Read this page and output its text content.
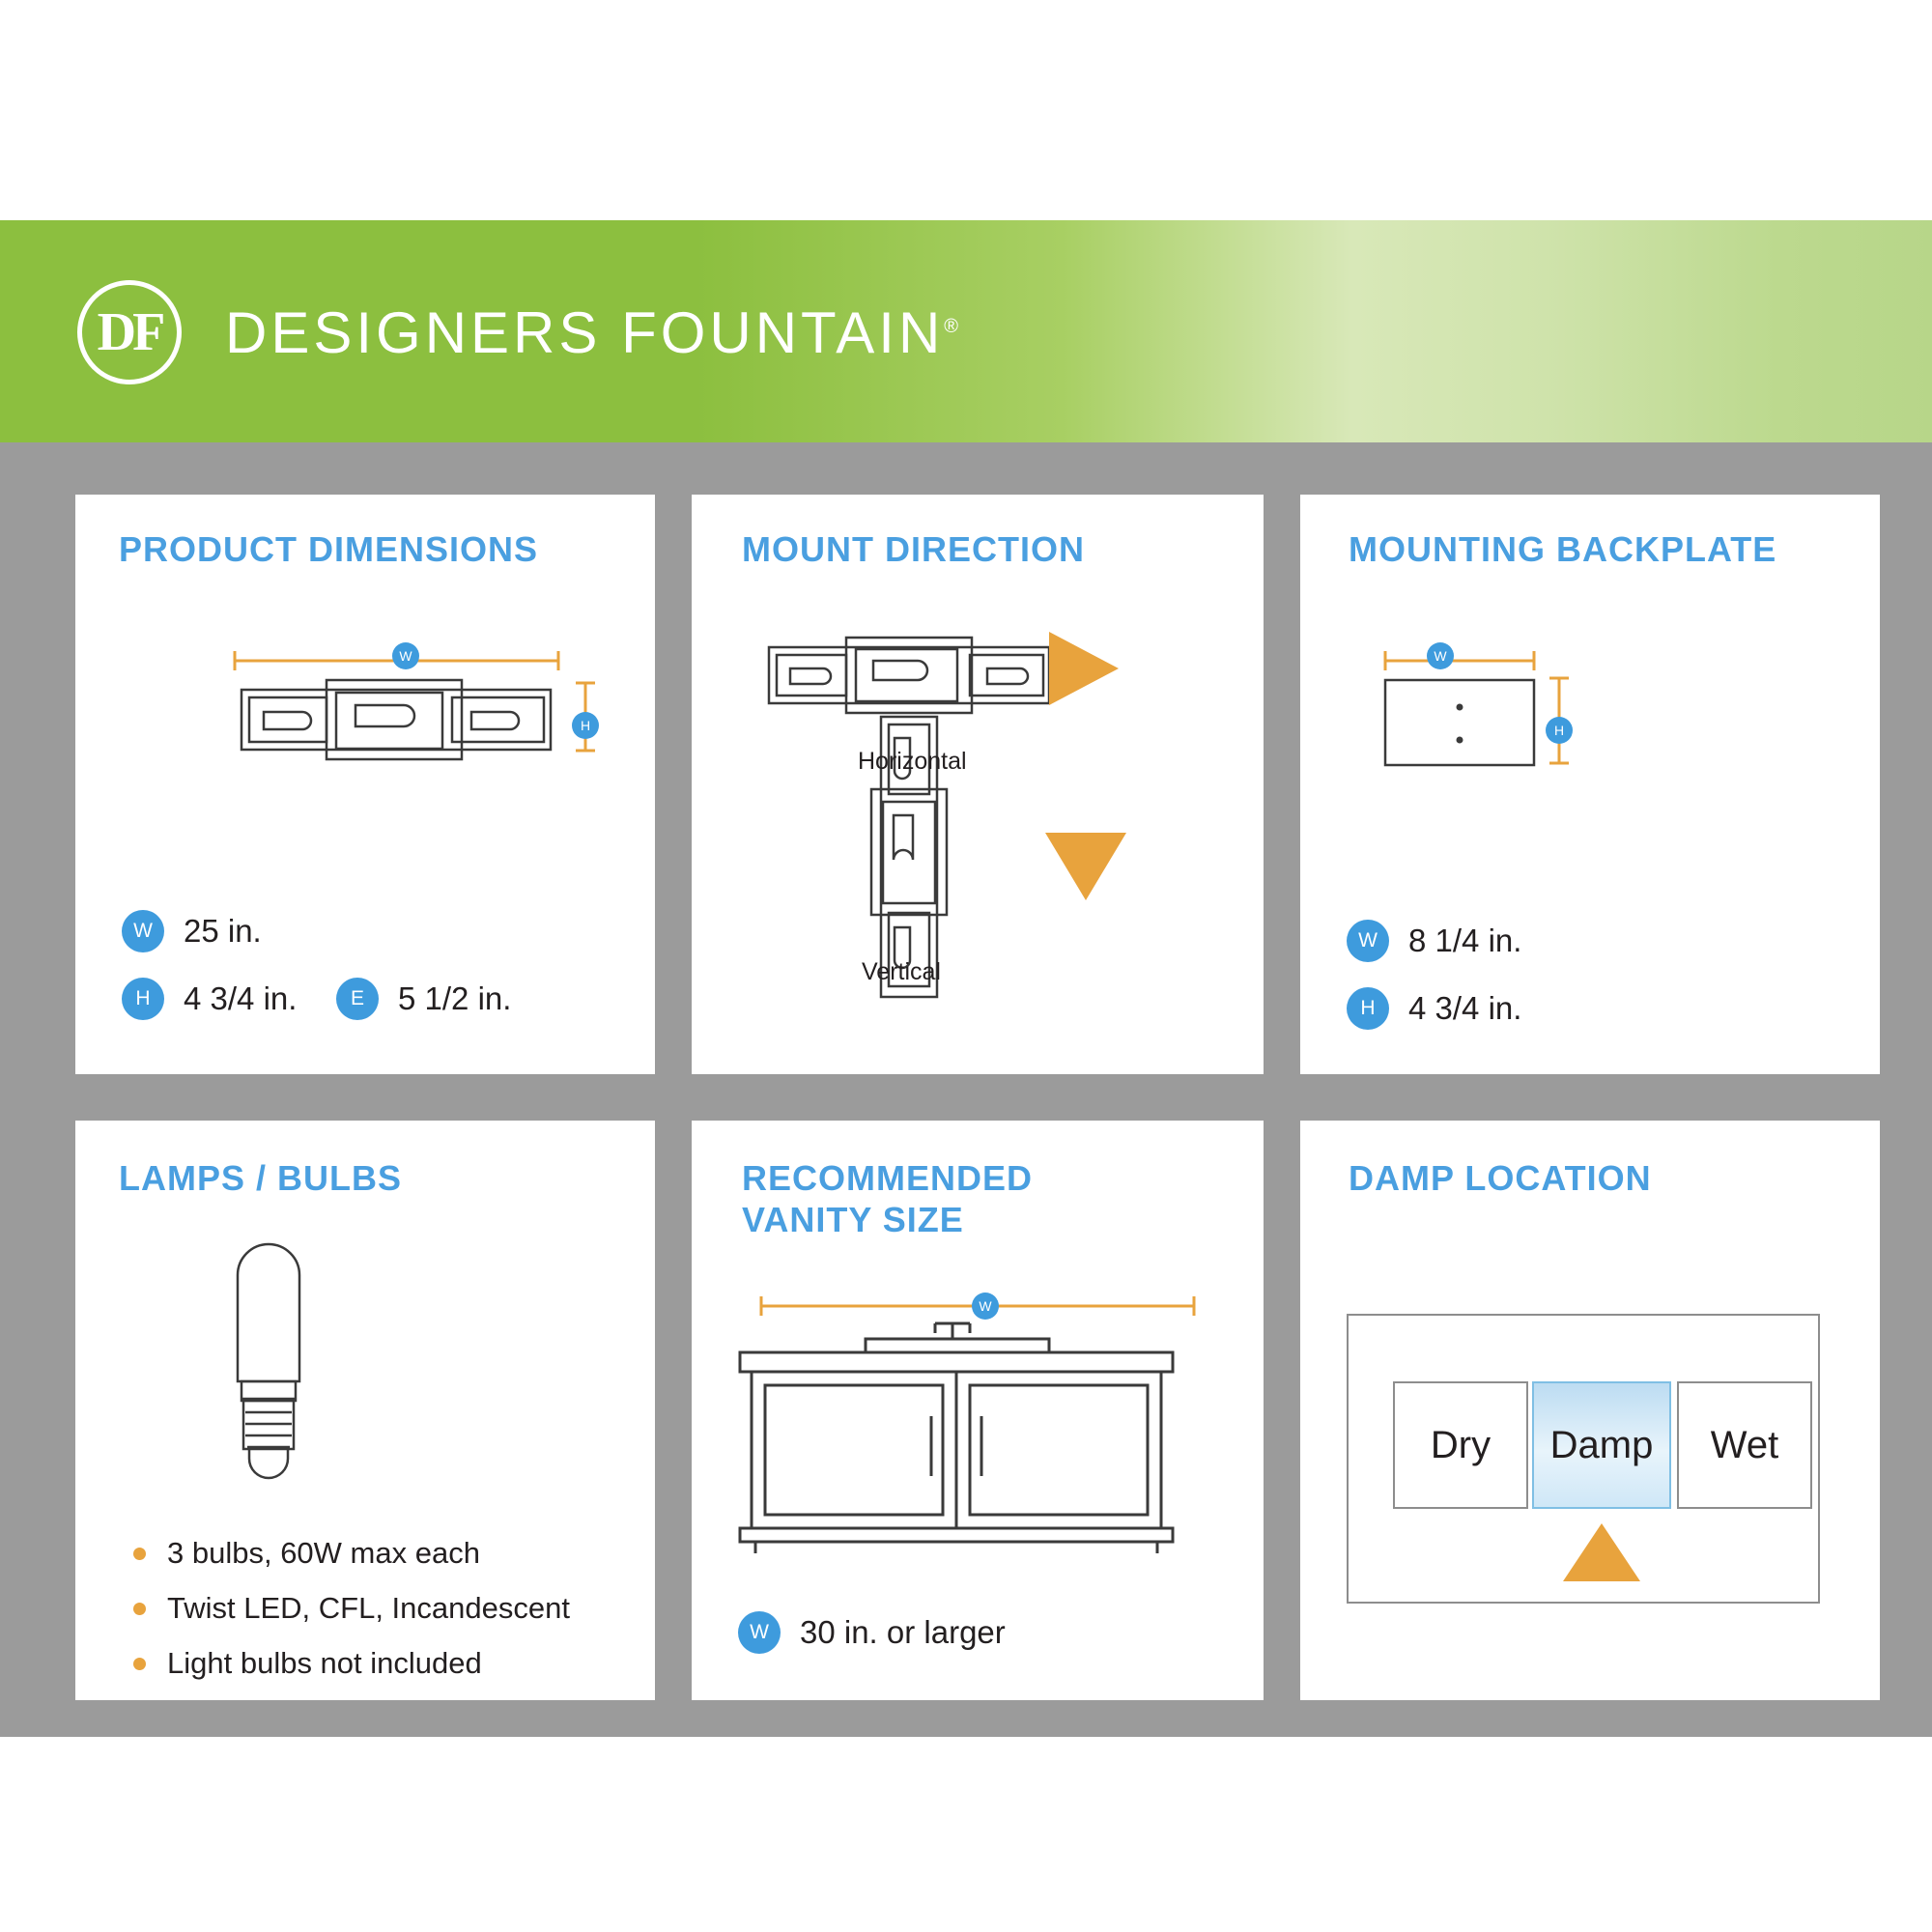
DF DESIGNERS FOUNTAIN®
PRODUCT DIMENSIONS
W
H
W 25 in.
H	4 3/4 in.	E	5 1/2 in.
MOUNT DIRECTION
Horizontal
Vertical
MOUNTING BACKPLATE
W
H
W 8 1/4 in.
H	4 3/4 in.
LAMPS / BULBS
3 bulbs, 60W max each
Twist LED, CFL, Incandescent
Light bulbs not included
RECOMMENDED
VANITY SIZE
W
W 30 in. or larger
DAMP LOCATION
Dry Damp Wet
